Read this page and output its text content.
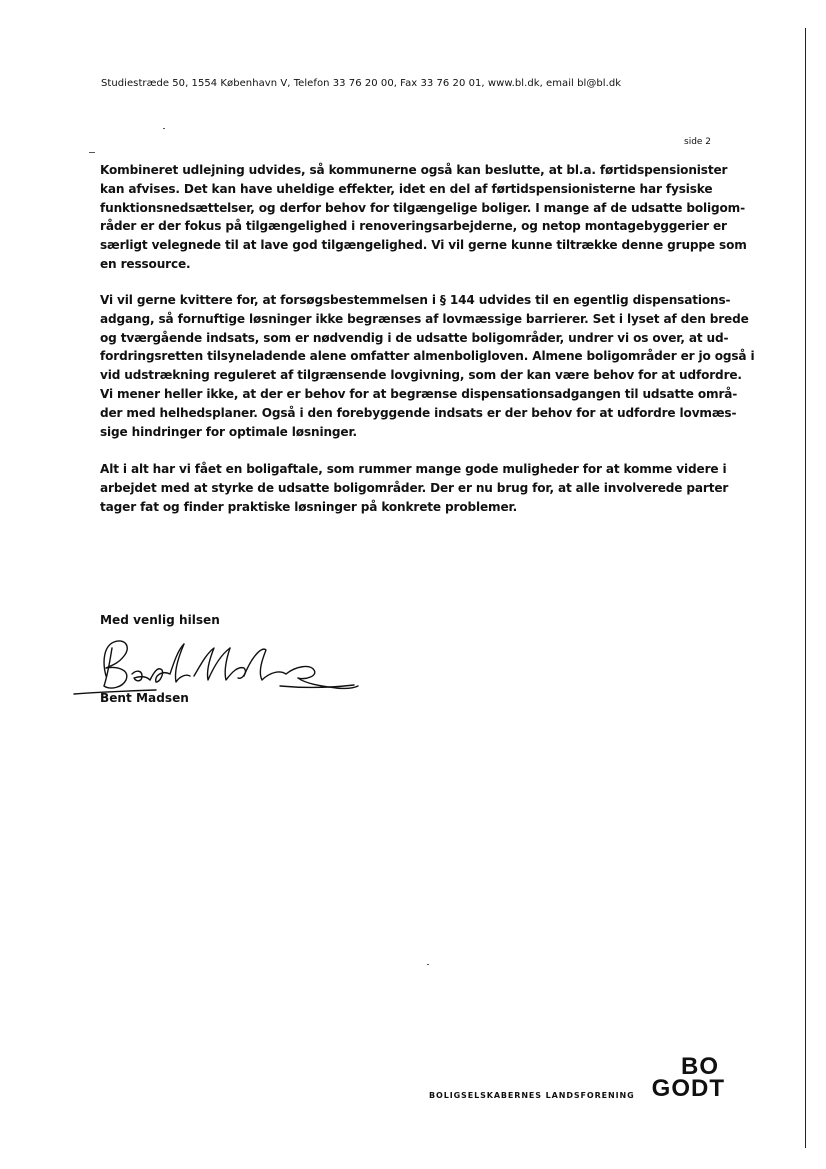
Studiestræde 50, 1554 København V, Telefon 33 76 20 00, Fax 33 76 20 01, www.bl.dk, email bl@bl.dk
side 2
Kombineret udlejning udvides, så kommunerne også kan beslutte, at bl.a. førtidspensionister
kan afvises. Det kan have uheldige effekter, idet en del af førtidspensionisterne har fysiske
funktionsnedsættelser, og derfor behov for tilgængelige boliger. I mange af de udsatte boligom-
råder er der fokus på tilgængelighed i renoveringsarbejderne, og netop montagebyggerier er
særligt velegnede til at lave god tilgængelighed. Vi vil gerne kunne tiltrække denne gruppe som
en ressource.
Vi vil gerne kvittere for, at forsøgsbestemmelsen i § 144 udvides til en egentlig dispensations-
adgang, så fornuftige løsninger ikke begrænses af lovmæssige barrierer. Set i lyset af den brede
og tværgående indsats, som er nødvendig i de udsatte boligområder, undrer vi os over, at ud-
fordringsretten tilsyneladende alene omfatter almenboligloven. Almene boligområder er jo også i
vid udstrækning reguleret af tilgrænsende lovgivning, som der kan være behov for at udfordre.
Vi mener heller ikke, at der er behov for at begrænse dispensationsadgangen til udsatte områ-
der med helhedsplaner. Også i den forebyggende indsats er der behov for at udfordre lovmæs-
sige hindringer for optimale løsninger.
Alt i alt har vi fået en boligaftale, som rummer mange gode muligheder for at komme videre i
arbejdet med at styrke de udsatte boligområder. Der er nu brug for, at alle involverede parter
tager fat og finder praktiske løsninger på konkrete problemer.
Med venlig hilsen
Bent Madsen
BOLIGSELSKABERNES LANDSFORENING
BO
GODT
